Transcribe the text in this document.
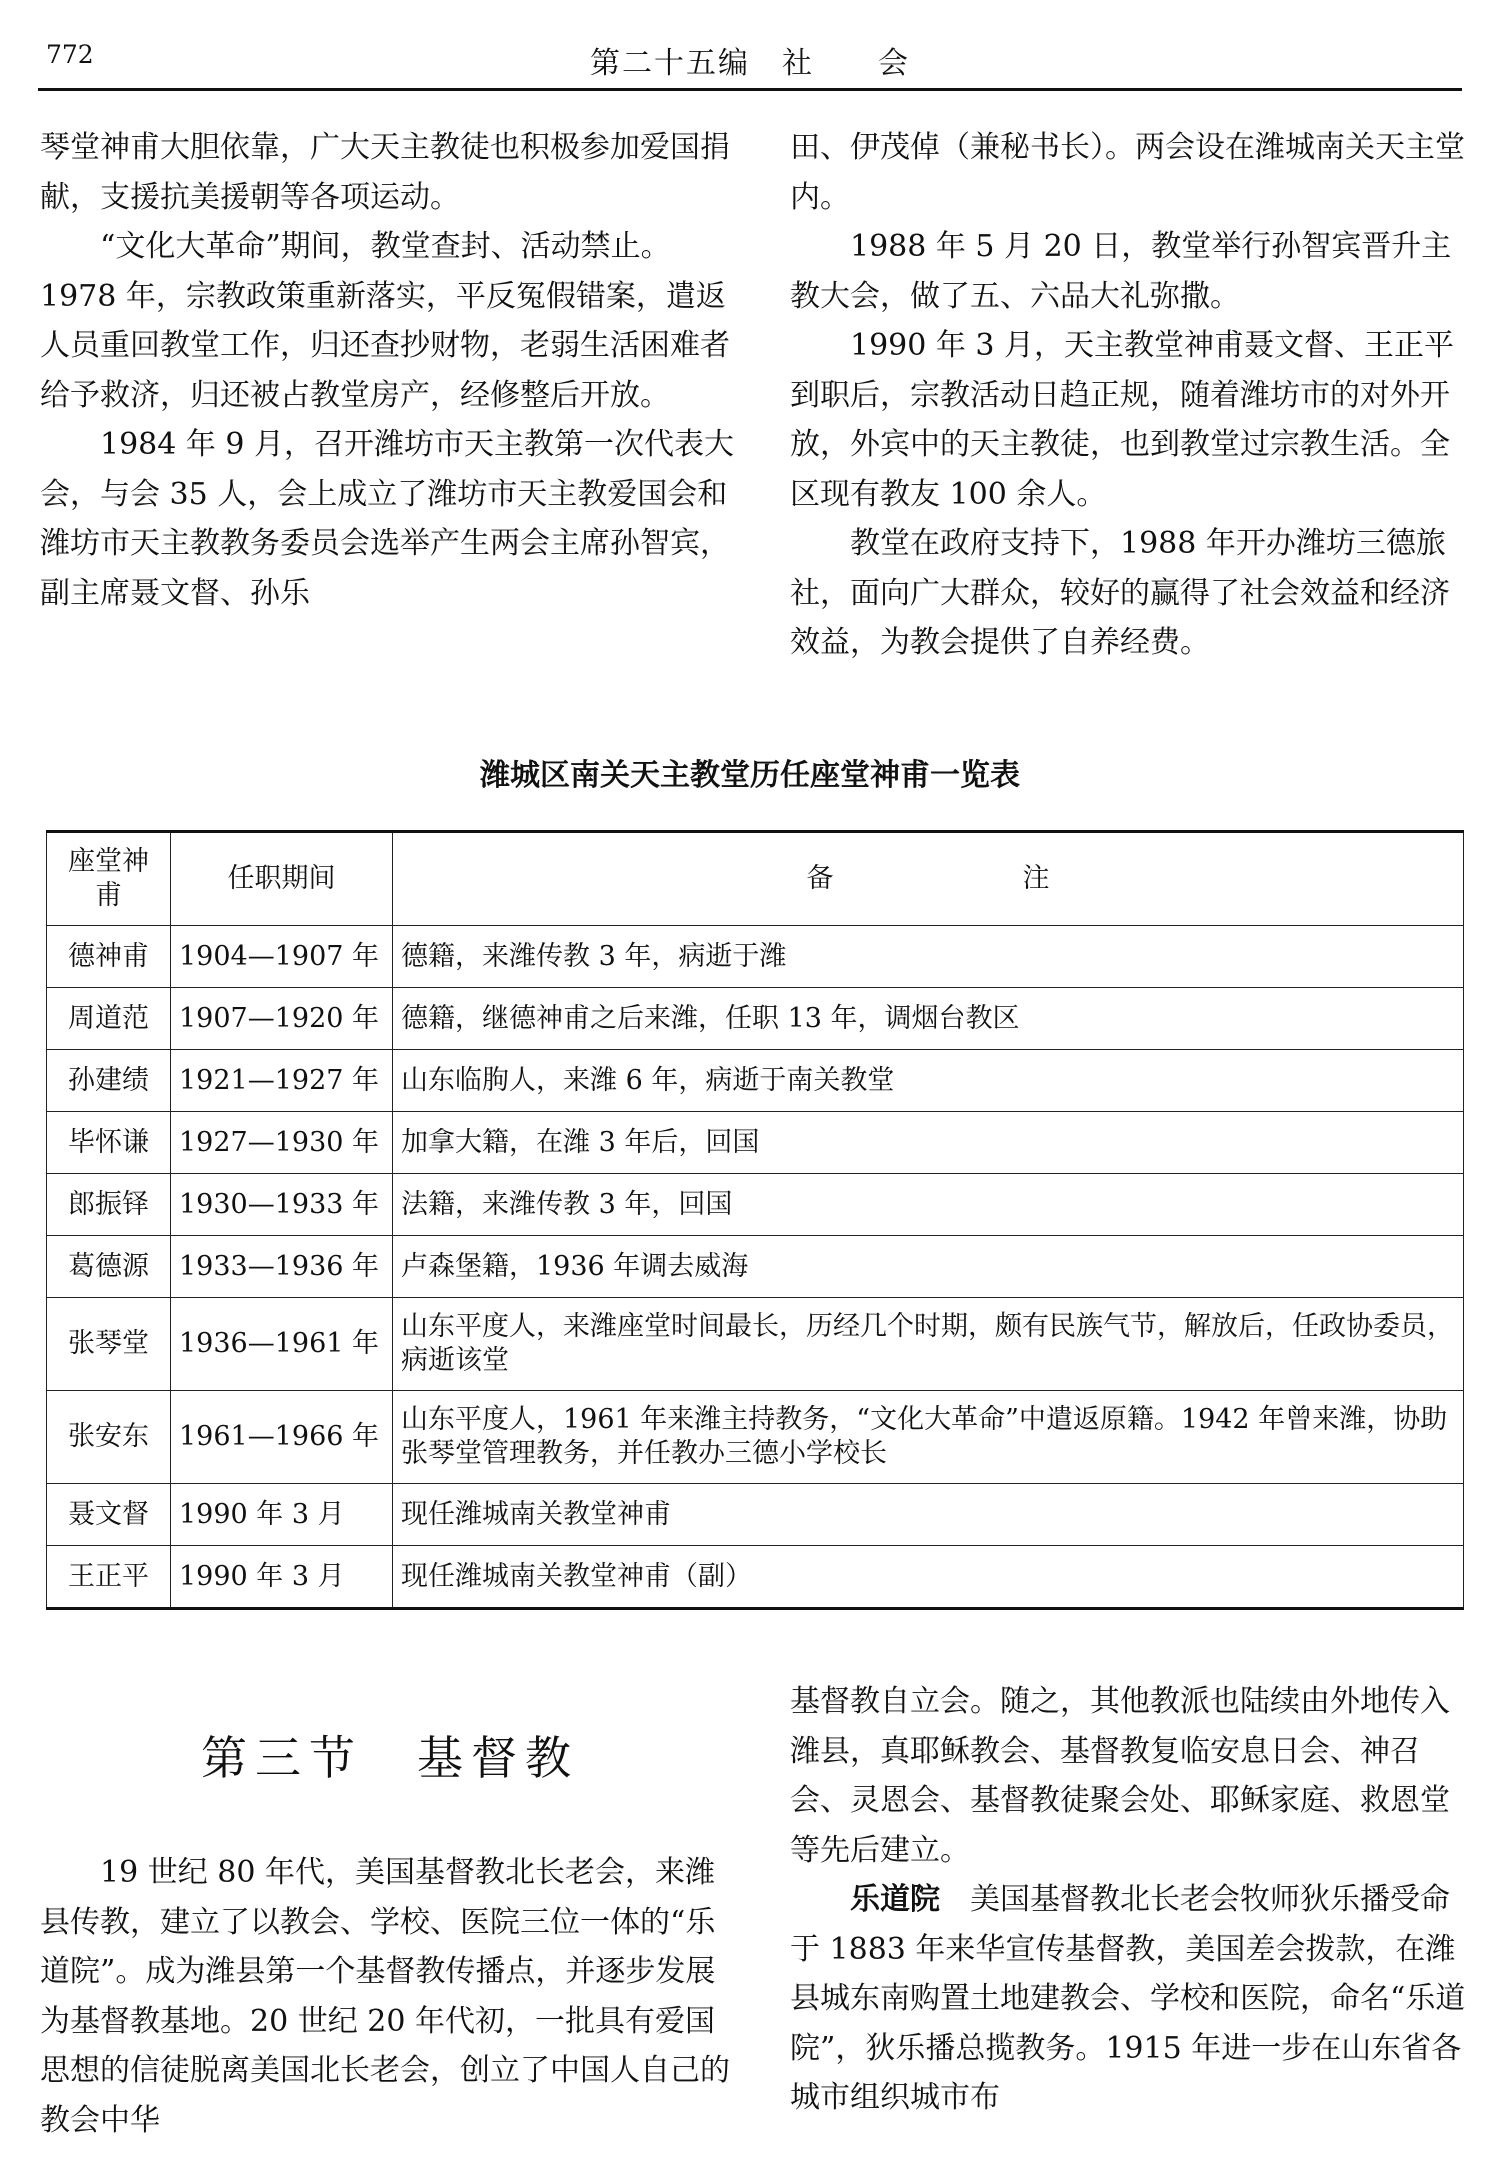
772	第二十五编　社　　会

琴堂神甫大胆依靠，广大天主教徒也积极参加爱国捐献，支援抗美援朝等各项运动。

“文化大革命”期间，教堂查封、活动禁止。1978 年，宗教政策重新落实，平反冤假错案，遣返人员重回教堂工作，归还查抄财物，老弱生活困难者给予救济，归还被占教堂房产，经修整后开放。

1984 年 9 月，召开潍坊市天主教第一次代表大会，与会 35 人，会上成立了潍坊市天主教爱国会和潍坊市天主教教务委员会选举产生两会主席孙智宾，副主席聂文督、孙乐

田、伊茂倬（兼秘书长）。两会设在潍城南关天主堂内。

1988 年 5 月 20 日，教堂举行孙智宾晋升主教大会，做了五、六品大礼弥撒。

1990 年 3 月，天主教堂神甫聂文督、王正平到职后，宗教活动日趋正规，随着潍坊市的对外开放，外宾中的天主教徒，也到教堂过宗教生活。全区现有教友 100 余人。

教堂在政府支持下，1988 年开办潍坊三德旅社，面向广大群众，较好的赢得了社会效益和经济效益，为教会提供了自养经费。

潍城区南关天主教堂历任座堂神甫一览表
座堂神甫	任职期间	备　　　　　　　注
德神甫	1904—1907 年	德籍，来潍传教 3 年，病逝于潍
周道范	1907—1920 年	德籍，继德神甫之后来潍，任职 13 年，调烟台教区
孙建绩	1921—1927 年	山东临朐人，来潍 6 年，病逝于南关教堂
毕怀谦	1927—1930 年	加拿大籍，在潍 3 年后，回国
郎振铎	1930—1933 年	法籍，来潍传教 3 年，回国
葛德源	1933—1936 年	卢森堡籍，1936 年调去威海
张琴堂	1936—1961 年	山东平度人，来潍座堂时间最长，历经几个时期，颇有民族气节，解放后，任政协委员，病逝该堂
张安东	1961—1966 年	山东平度人，1961 年来潍主持教务，“文化大革命”中遣返原籍。1942 年曾来潍，协助张琴堂管理教务，并任教办三德小学校长
聂文督	1990 年 3 月	现任潍城南关教堂神甫
王正平	1990 年 3 月	现任潍城南关教堂神甫（副）
第三节　基督教

19 世纪 80 年代，美国基督教北长老会，来潍县传教，建立了以教会、学校、医院三位一体的“乐道院”。成为潍县第一个基督教传播点，并逐步发展为基督教基地。20 世纪 20 年代初，一批具有爱国思想的信徒脱离美国北长老会，创立了中国人自己的教会中华

基督教自立会。随之，其他教派也陆续由外地传入潍县，真耶稣教会、基督教复临安息日会、神召会、灵恩会、基督教徒聚会处、耶稣家庭、救恩堂等先后建立。

乐道院　美国基督教北长老会牧师狄乐播受命于 1883 年来华宣传基督教，美国差会拨款，在潍县城东南购置土地建教会、学校和医院，命名“乐道院”，狄乐播总揽教务。1915 年进一步在山东省各城市组织城市布
